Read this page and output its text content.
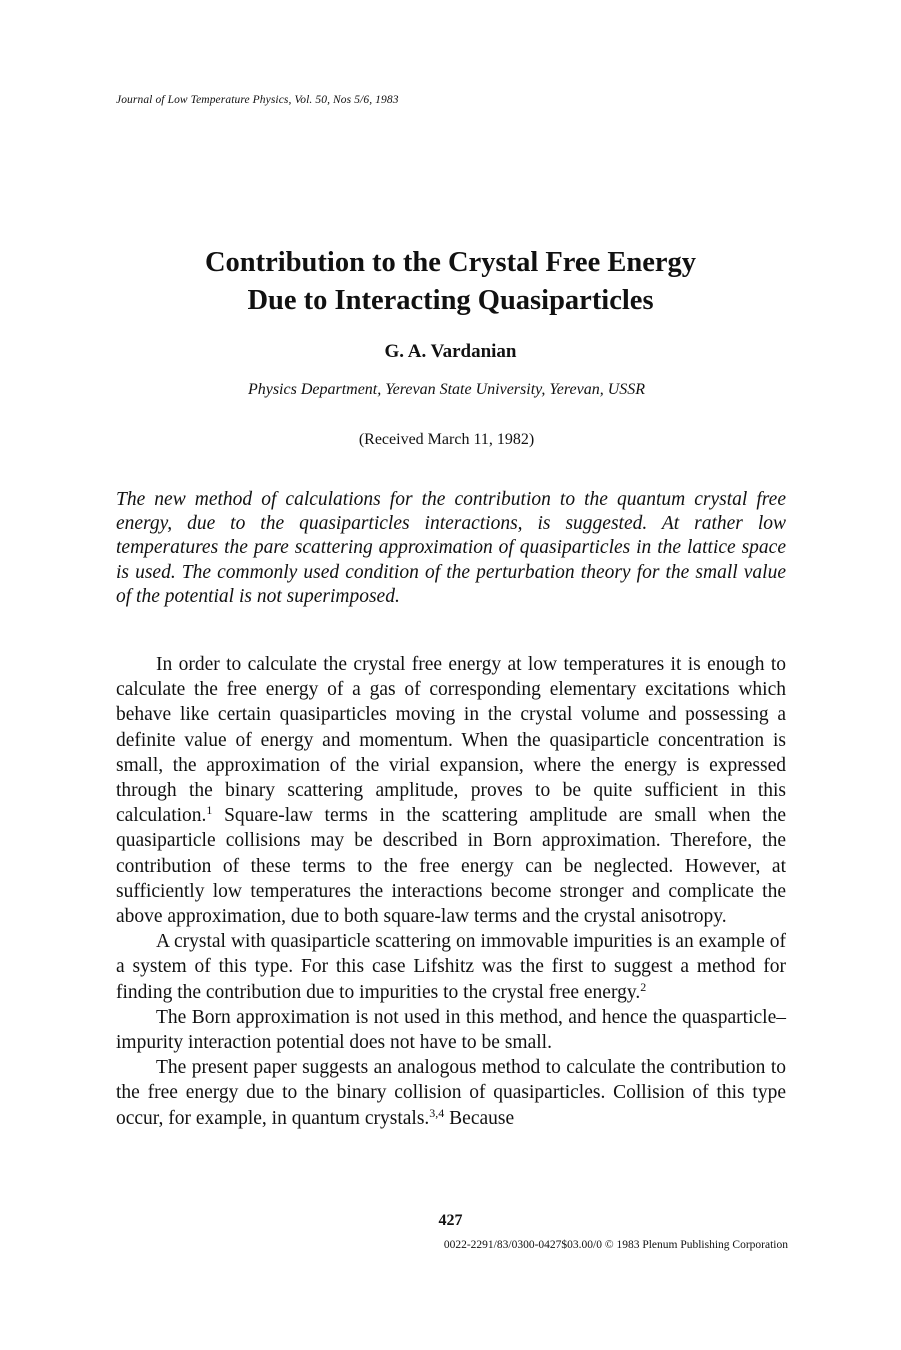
Journal of Low Temperature Physics, Vol. 50, Nos 5/6, 1983
Contribution to the Crystal Free Energy
Due to Interacting Quasiparticles
G. A. Vardanian
Physics Department, Yerevan State University, Yerevan, USSR
(Received March 11, 1982)
The new method of calculations for the contribution to the quantum crystal free energy, due to the quasiparticles interactions, is suggested. At rather low temperatures the pare scattering approximation of quasiparticles in the lattice space is used. The commonly used condition of the perturbation theory for the small value of the potential is not superimposed.

In order to calculate the crystal free energy at low temperatures it is enough to calculate the free energy of a gas of corresponding elementary excitations which behave like certain quasiparticles moving in the crystal volume and possessing a definite value of energy and momentum. When the quasiparticle concentration is small, the approximation of the virial expansion, where the energy is expressed through the binary scattering amplitude, proves to be quite sufficient in this calculation.$^1$ Square-law terms in the scattering amplitude are small when the quasiparticle collisions may be described in Born approximation. Therefore, the contribution of these terms to the free energy can be neglected. However, at sufficiently low temperatures the interactions become stronger and complicate the above approximation, due to both square-law terms and the crystal anisotropy.

A crystal with quasiparticle scattering on immovable impurities is an example of a system of this type. For this case Lifshitz was the first to suggest a method for finding the contribution due to impurities to the crystal free energy.$^2$

The Born approximation is not used in this method, and hence the quasparticle–impurity interaction potential does not have to be small.

The present paper suggests an analogous method to calculate the contribution to the free energy due to the binary collision of quasiparticles. Collision of this type occur, for example, in quantum crystals.$^{3,4}$ Because

427
0022-2291/83/0300-0427$03.00/0 © 1983 Plenum Publishing Corporation
